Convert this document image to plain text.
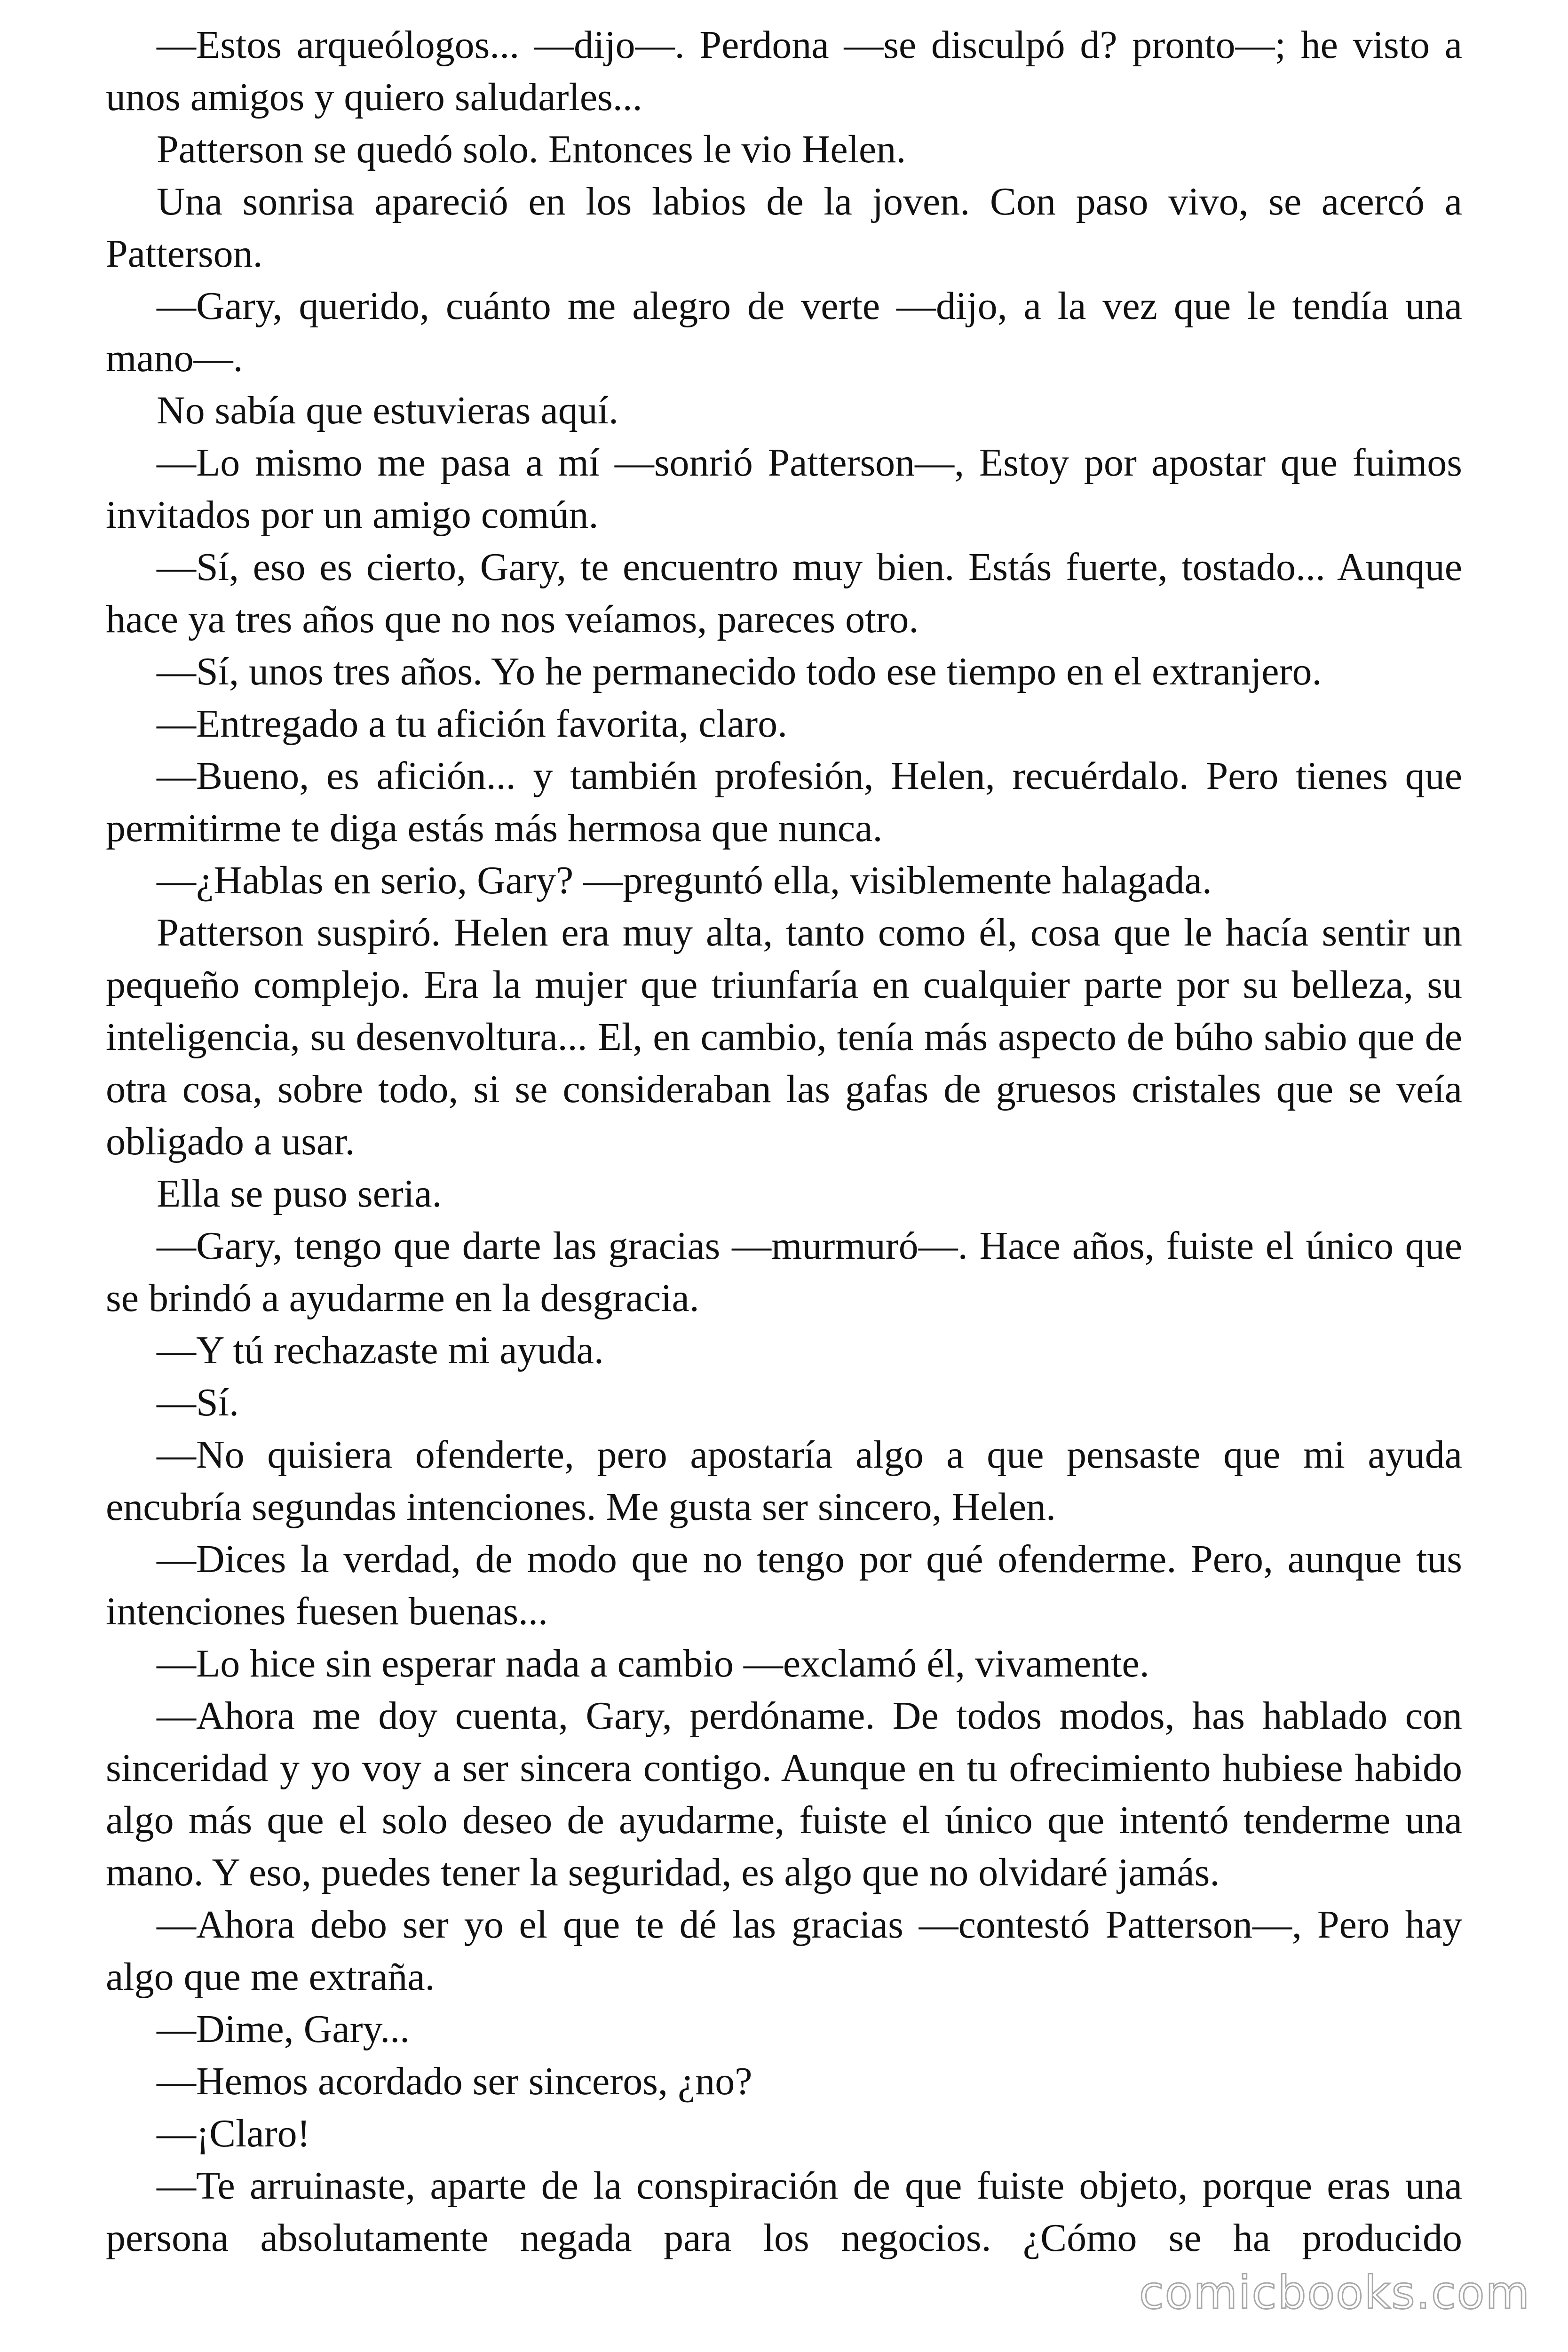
—Estos arqueólogos... —dijo—. Perdona —se disculpó d? pronto—; he visto a unos amigos y quiero saludarles...

Patterson se quedó solo. Entonces le vio Helen.

Una sonrisa apareció en los labios de la joven. Con paso vivo, se acercó a Patterson.

—Gary, querido, cuánto me alegro de verte —dijo, a la vez que le tendía una mano—.

No sabía que estuvieras aquí.

—Lo mismo me pasa a mí —sonrió Patterson—, Estoy por apostar que fuimos invitados por un amigo común.

—Sí, eso es cierto, Gary, te encuentro muy bien. Estás fuerte, tostado... Aunque hace ya tres años que no nos veíamos, pareces otro.

—Sí, unos tres años. Yo he permanecido todo ese tiempo en el extranjero.

—Entregado a tu afición favorita, claro.

—Bueno, es afición... y también profesión, Helen, recuérdalo. Pero tienes que permitirme te diga estás más hermosa que nunca.

—¿Hablas en serio, Gary? —preguntó ella, visiblemente halagada.

Patterson suspiró. Helen era muy alta, tanto como él, cosa que le hacía sentir un pequeño complejo. Era la mujer que triunfaría en cualquier parte por su belleza, su inteligencia, su desenvoltura... El, en cambio, tenía más aspecto de búho sabio que de otra cosa, sobre todo, si se consideraban las gafas de gruesos cristales que se veía obligado a usar.

Ella se puso seria.

—Gary, tengo que darte las gracias —murmuró—. Hace años, fuiste el único que se brindó a ayudarme en la desgracia.

—Y tú rechazaste mi ayuda.

—Sí.

—No quisiera ofenderte, pero apostaría algo a que pensaste que mi ayuda encubría segundas intenciones. Me gusta ser sincero, Helen.

—Dices la verdad, de modo que no tengo por qué ofenderme. Pero, aunque tus intenciones fuesen buenas...

—Lo hice sin esperar nada a cambio —exclamó él, vivamente.

—Ahora me doy cuenta, Gary, perdóname. De todos modos, has hablado con sinceridad y yo voy a ser sincera contigo. Aunque en tu ofrecimiento hubiese habido algo más que el solo deseo de ayudarme, fuiste el único que intentó tenderme una mano. Y eso, puedes tener la seguridad, es algo que no olvidaré jamás.

—Ahora debo ser yo el que te dé las gracias —contestó Patterson—, Pero hay algo que me extraña.

—Dime, Gary...

—Hemos acordado ser sinceros, ¿no?

—¡Claro!

—Te arruinaste, aparte de la conspiración de que fuiste objeto, porque eras una persona absolutamente negada para los negocios. ¿Cómo se ha producido

comicbooks.com
